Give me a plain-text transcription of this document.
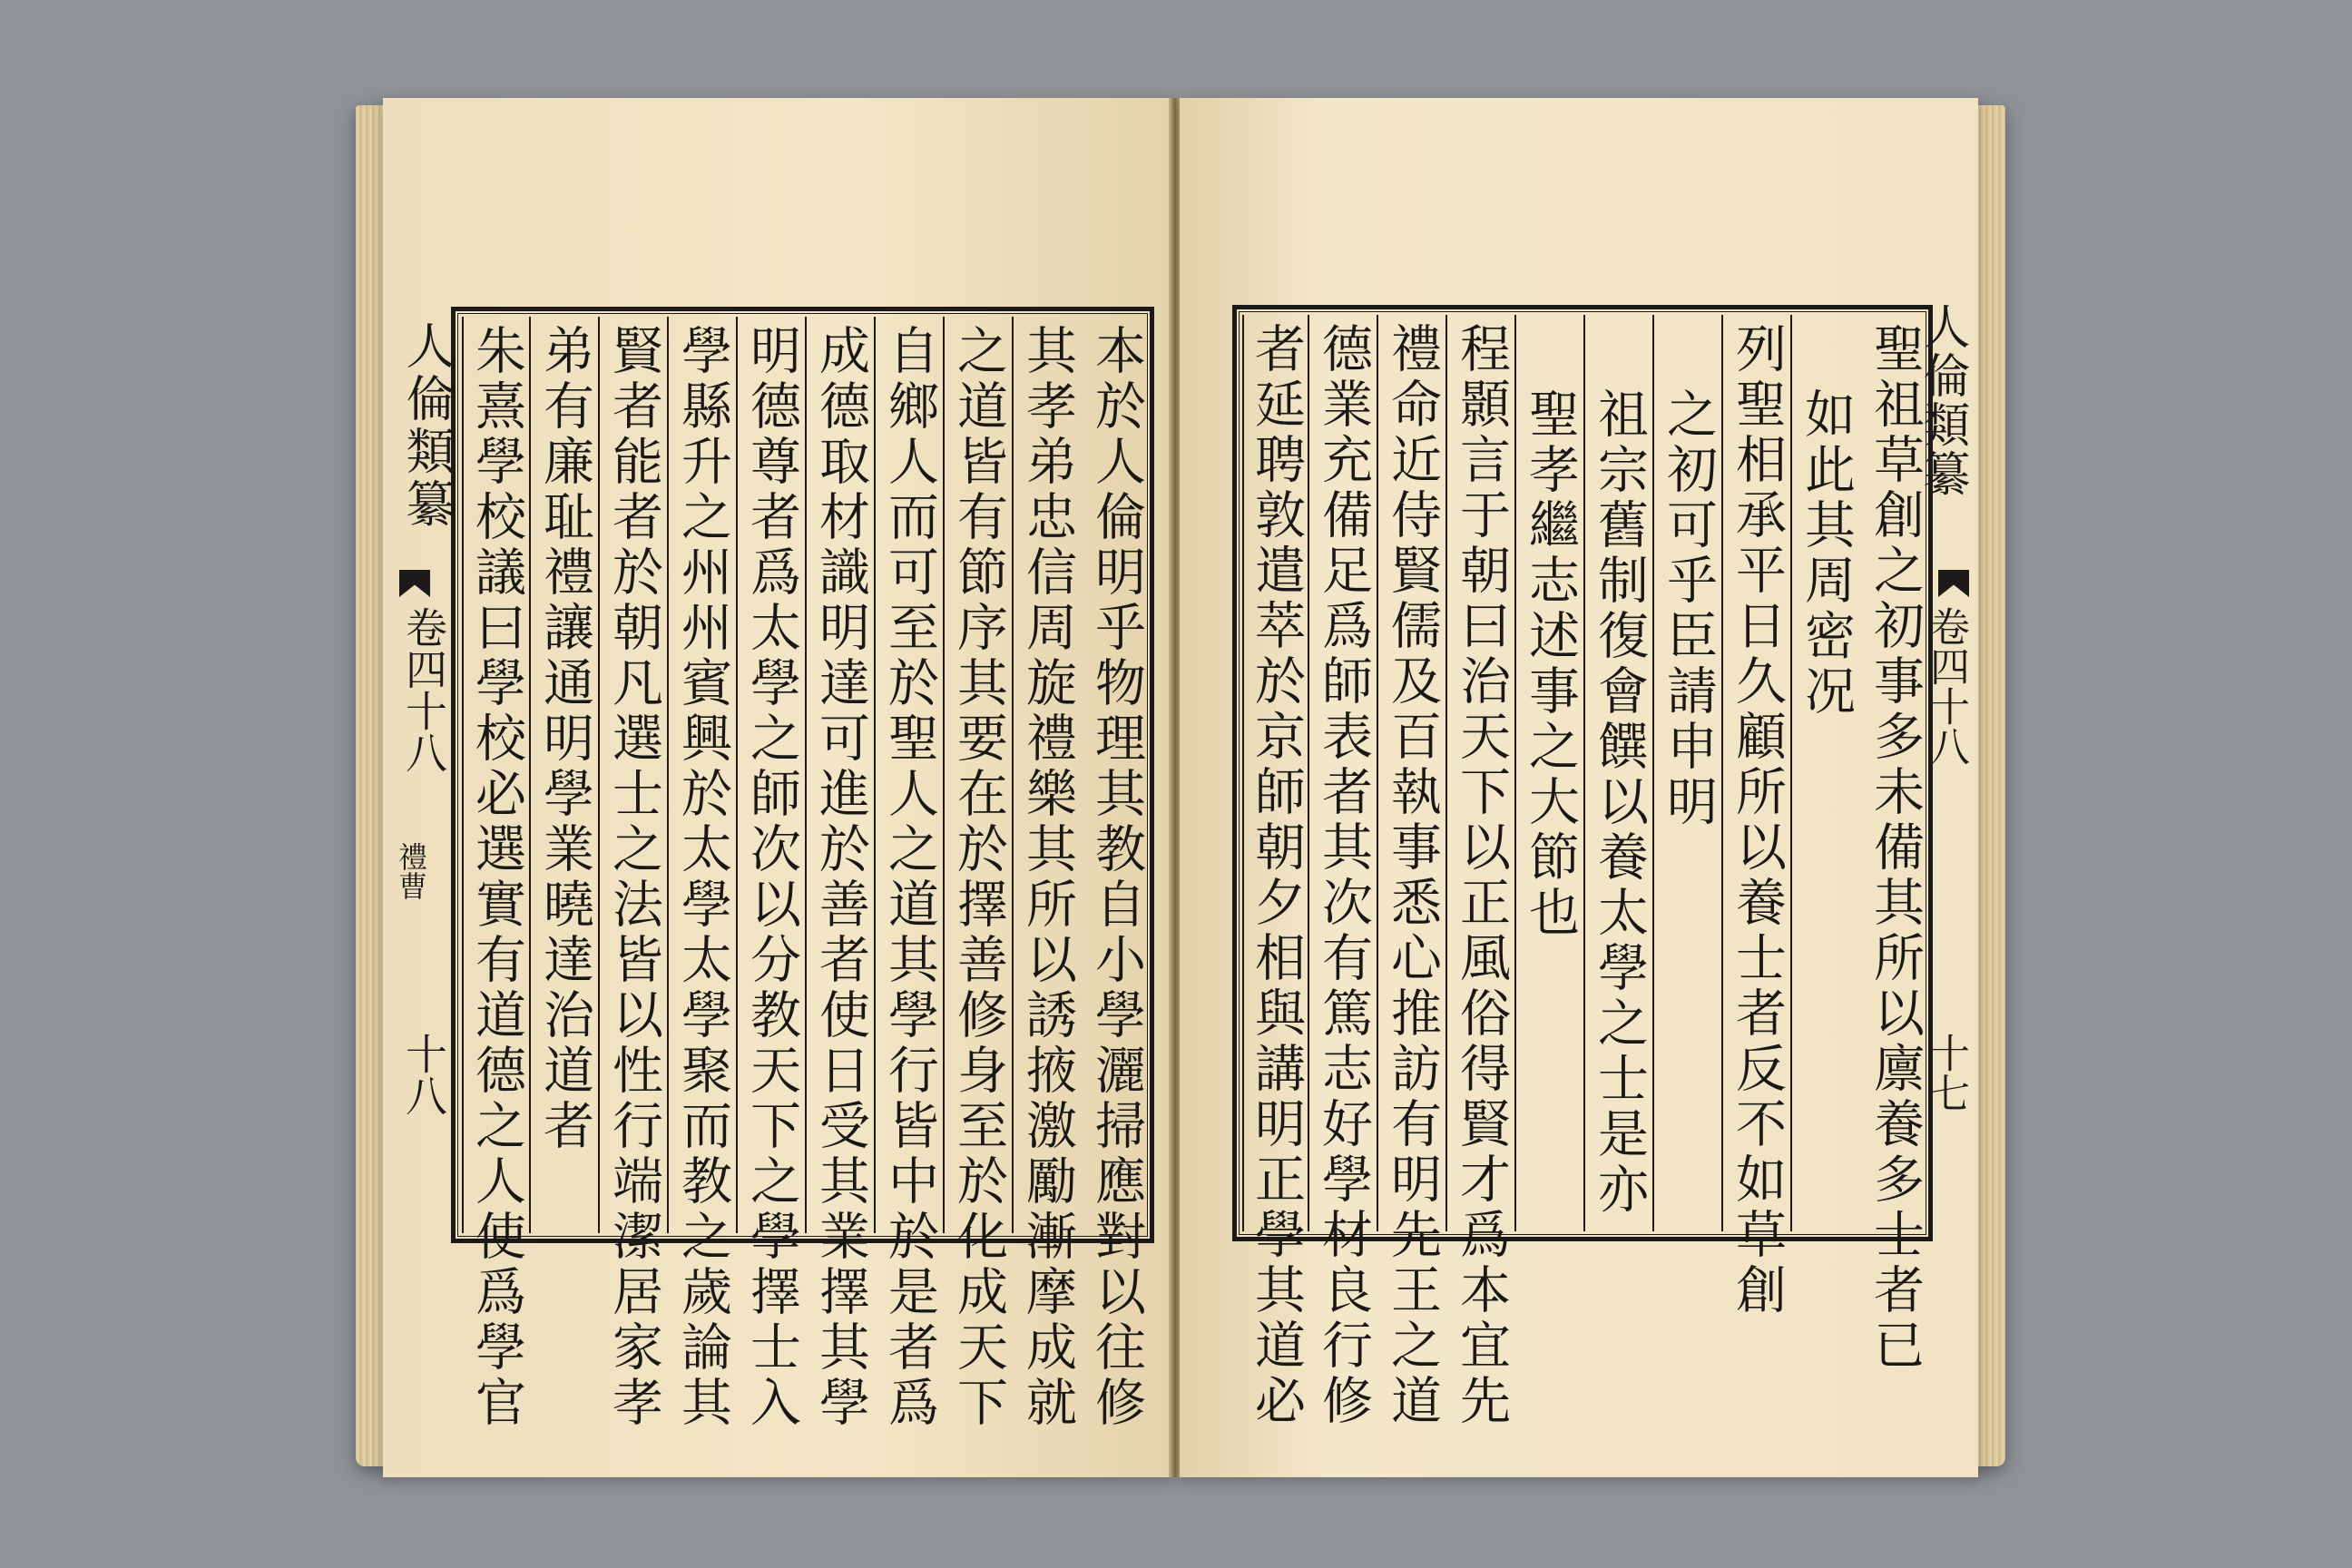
本於人倫明乎物理其教自小學灑掃應對以往修
其孝弟忠信周旋禮樂其所以誘掖激勵漸摩成就
之道皆有節序其要在於擇善修身至於化成天下
自鄉人而可至於聖人之道其學行皆中於是者爲
成德取材識明達可進於善者使日受其業擇其學
明德尊者爲太學之師次以分教天下之學擇士入
學縣升之州州賓興於太學太學聚而教之歲論其
賢者能者於朝凡選士之法皆以性行端潔居家孝
弟有廉耻禮讓通明學業曉達治道者
朱熹學校議曰學校必選實有道德之人使爲學官
人倫類纂
卷四十八
禮曹
十八	聖祖草創之初事多未備其所以廪養多士者已
如此其周密况
列聖相承平日久顧所以養士者反不如草創
之初可乎臣請申明
祖宗舊制復會饌以養太學之士是亦
聖孝繼志述事之大節也
程顥言于朝曰治天下以正風俗得賢才爲本宜先
禮命近侍賢儒及百執事悉心推訪有明先王之道
德業充備足爲師表者其次有篤志好學材良行修
者延聘敦遣萃於京師朝夕相與講明正學其道必	人倫類纂
卷四十八
十七
